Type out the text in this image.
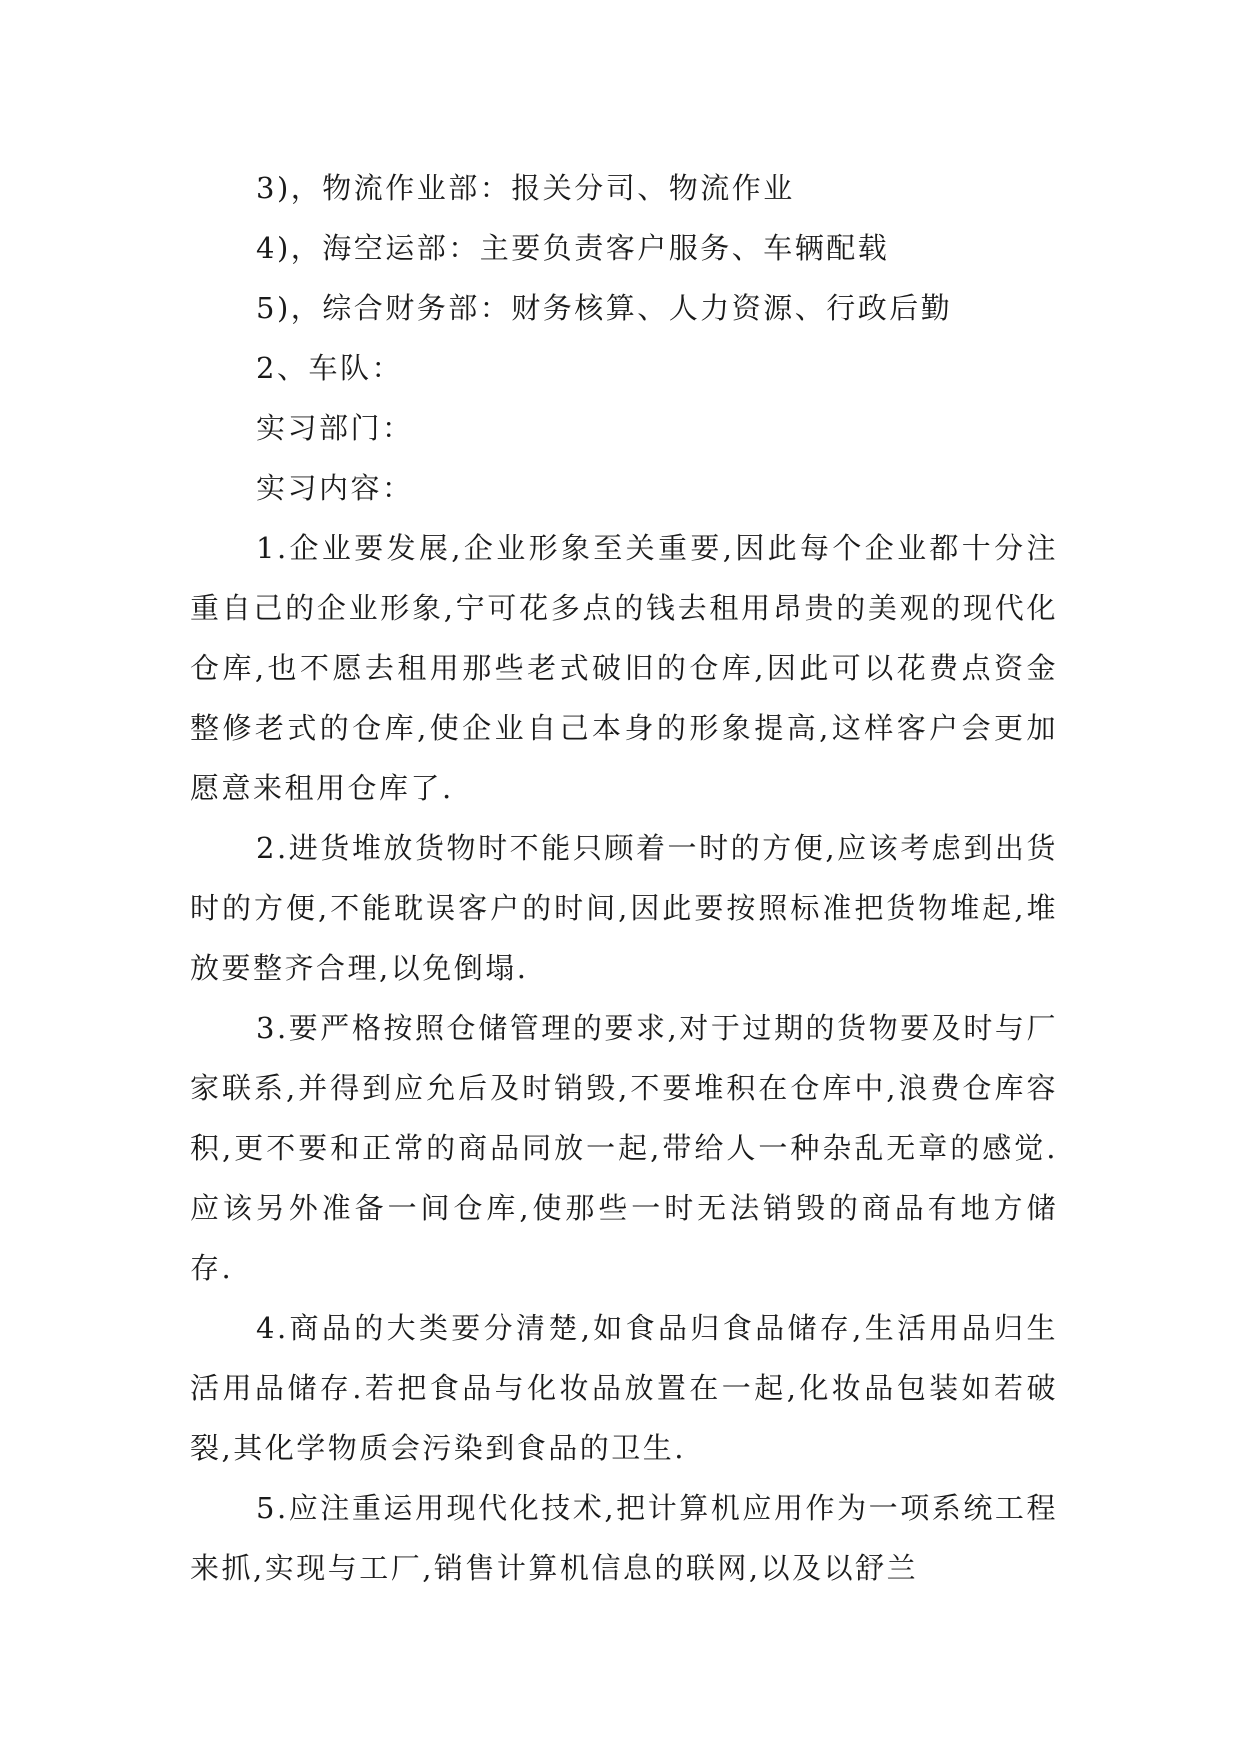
3)，物流作业部：报关分司、物流作业
4)，海空运部：主要负责客户服务、车辆配载
5)，综合财务部：财务核算、人力资源、行政后勤
2、车队：
实习部门：
实习内容：

1.企业要发展,企业形象至关重要,因此每个企业都十分注重自己的企业形象,宁可花多点的钱去租用昂贵的美观的现代化仓库,也不愿去租用那些老式破旧的仓库,因此可以花费点资金整修老式的仓库,使企业自己本身的形象提高,这样客户会更加愿意来租用仓库了.

2.进货堆放货物时不能只顾着一时的方便,应该考虑到出货时的方便,不能耽误客户的时间,因此要按照标准把货物堆起,堆放要整齐合理,以免倒塌.

3.要严格按照仓储管理的要求,对于过期的货物要及时与厂家联系,并得到应允后及时销毁,不要堆积在仓库中,浪费仓库容积,更不要和正常的商品同放一起,带给人一种杂乱无章的感觉.应该另外准备一间仓库,使那些一时无法销毁的商品有地方储存.

4.商品的大类要分清楚,如食品归食品储存,生活用品归生活用品储存.若把食品与化妆品放置在一起,化妆品包装如若破裂,其化学物质会污染到食品的卫生.

5.应注重运用现代化技术,把计算机应用作为一项系统工程来抓,实现与工厂,销售计算机信息的联网,以及以舒兰
